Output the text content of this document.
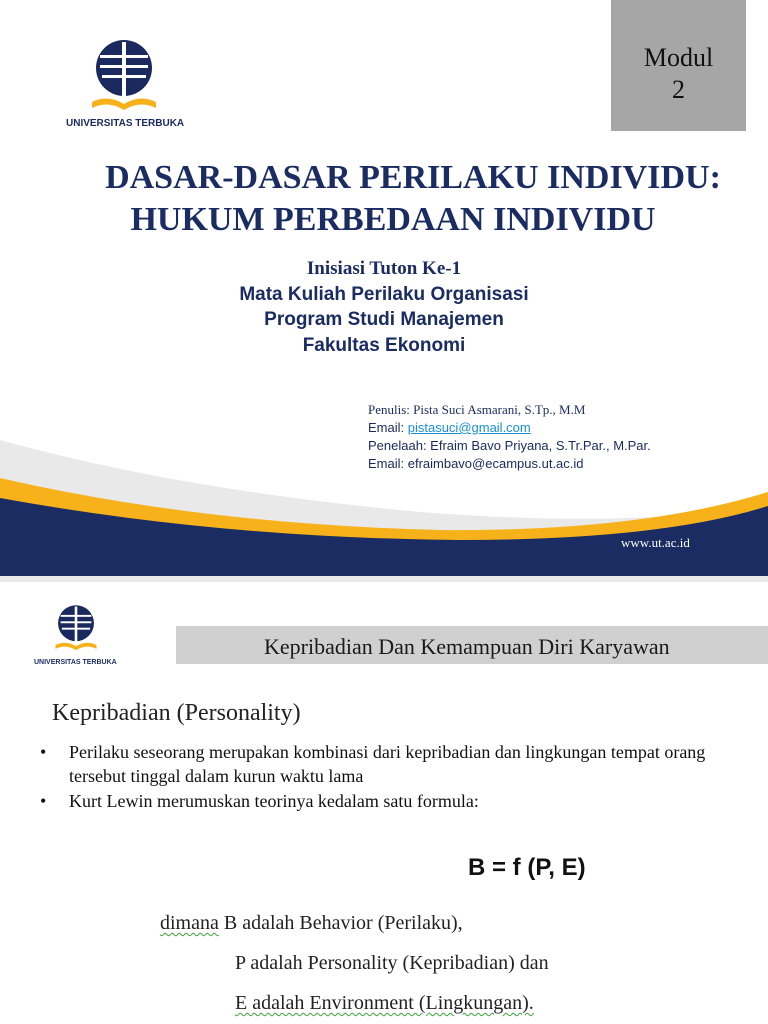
UNIVERSITAS TERBUKA
Modul
2
DASAR-DASAR PERILAKU INDIVIDU:
HUKUM PERBEDAAN INDIVIDU
Inisiasi Tuton Ke-1
Mata Kuliah Perilaku Organisasi
Program Studi Manajemen
Fakultas Ekonomi
Penulis: Pista Suci Asmarani, S.Tp., M.M
Email: pistasuci@gmail.com
Penelaah: Efraim Bavo Priyana, S.Tr.Par., M.Par.
Email: efraimbavo@ecampus.ut.ac.id
www.ut.ac.id
UNIVERSITAS TERBUKA
Kepribadian Dan Kemampuan Diri Karyawan
Kepribadian (Personality)
• Perilaku seseorang merupakan kombinasi dari kepribadian dan lingkungan tempat orang tersebut tinggal dalam kurun waktu lama
• Kurt Lewin merumuskan teorinya kedalam satu formula:
B = f (P, E)
dimana B adalah Behavior (Perilaku),
P adalah Personality (Kepribadian) dan
E adalah Environment (Lingkungan).
